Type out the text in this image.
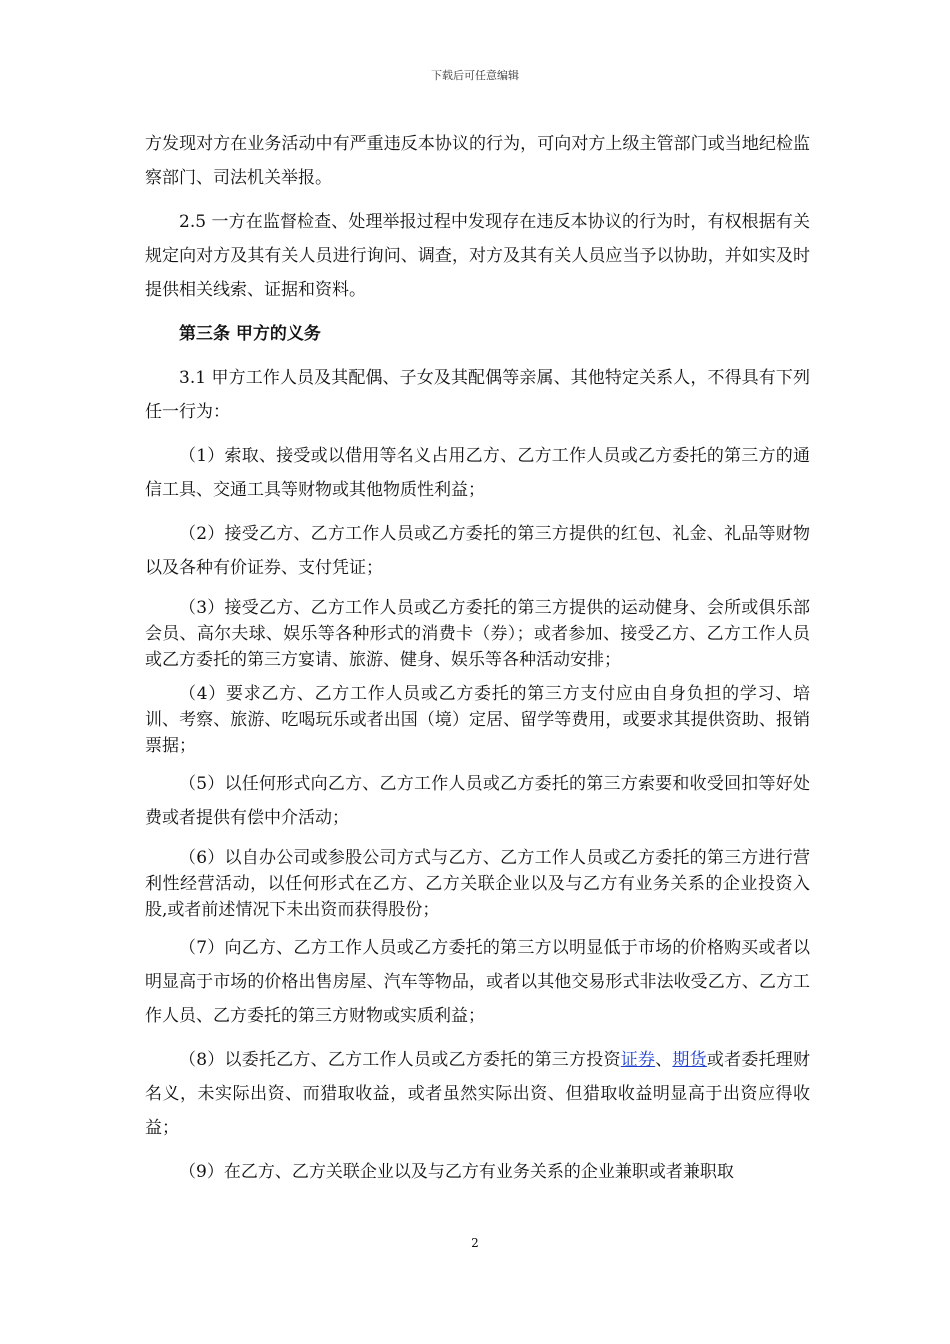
下载后可任意编辑

方发现对方在业务活动中有严重违反本协议的行为，可向对方上级主管部门或当地纪检监察部门、司法机关举报。

2.5 一方在监督检查、处理举报过程中发现存在违反本协议的行为时，有权根据有关规定向对方及其有关人员进行询问、调查，对方及其有关人员应当予以协助，并如实及时提供相关线索、证据和资料。

第三条 甲方的义务

3.1 甲方工作人员及其配偶、子女及其配偶等亲属、其他特定关系人，不得具有下列任一行为：

（1）索取、接受或以借用等名义占用乙方、乙方工作人员或乙方委托的第三方的通信工具、交通工具等财物或其他物质性利益；

（2）接受乙方、乙方工作人员或乙方委托的第三方提供的红包、礼金、礼品等财物以及各种有价证券、支付凭证；

（3）接受乙方、乙方工作人员或乙方委托的第三方提供的运动健身、会所或俱乐部会员、高尔夫球、娱乐等各种形式的消费卡（券）；或者参加、接受乙方、乙方工作人员或乙方委托的第三方宴请、旅游、健身、娱乐等各种活动安排；

（4）要求乙方、乙方工作人员或乙方委托的第三方支付应由自身负担的学习、培训、考察、旅游、吃喝玩乐或者出国（境）定居、留学等费用，或要求其提供资助、报销票据；

（5）以任何形式向乙方、乙方工作人员或乙方委托的第三方索要和收受回扣等好处费或者提供有偿中介活动；

（6）以自办公司或参股公司方式与乙方、乙方工作人员或乙方委托的第三方进行营利性经营活动，以任何形式在乙方、乙方关联企业以及与乙方有业务关系的企业投资入股,或者前述情况下未出资而获得股份；

（7）向乙方、乙方工作人员或乙方委托的第三方以明显低于市场的价格购买或者以明显高于市场的价格出售房屋、汽车等物品，或者以其他交易形式非法收受乙方、乙方工作人员、乙方委托的第三方财物或实质利益；

（8）以委托乙方、乙方工作人员或乙方委托的第三方投资证券、期货或者委托理财名义，未实际出资、而猎取收益，或者虽然实际出资、但猎取收益明显高于出资应得收益；

（9）在乙方、乙方关联企业以及与乙方有业务关系的企业兼职或者兼职取

2
